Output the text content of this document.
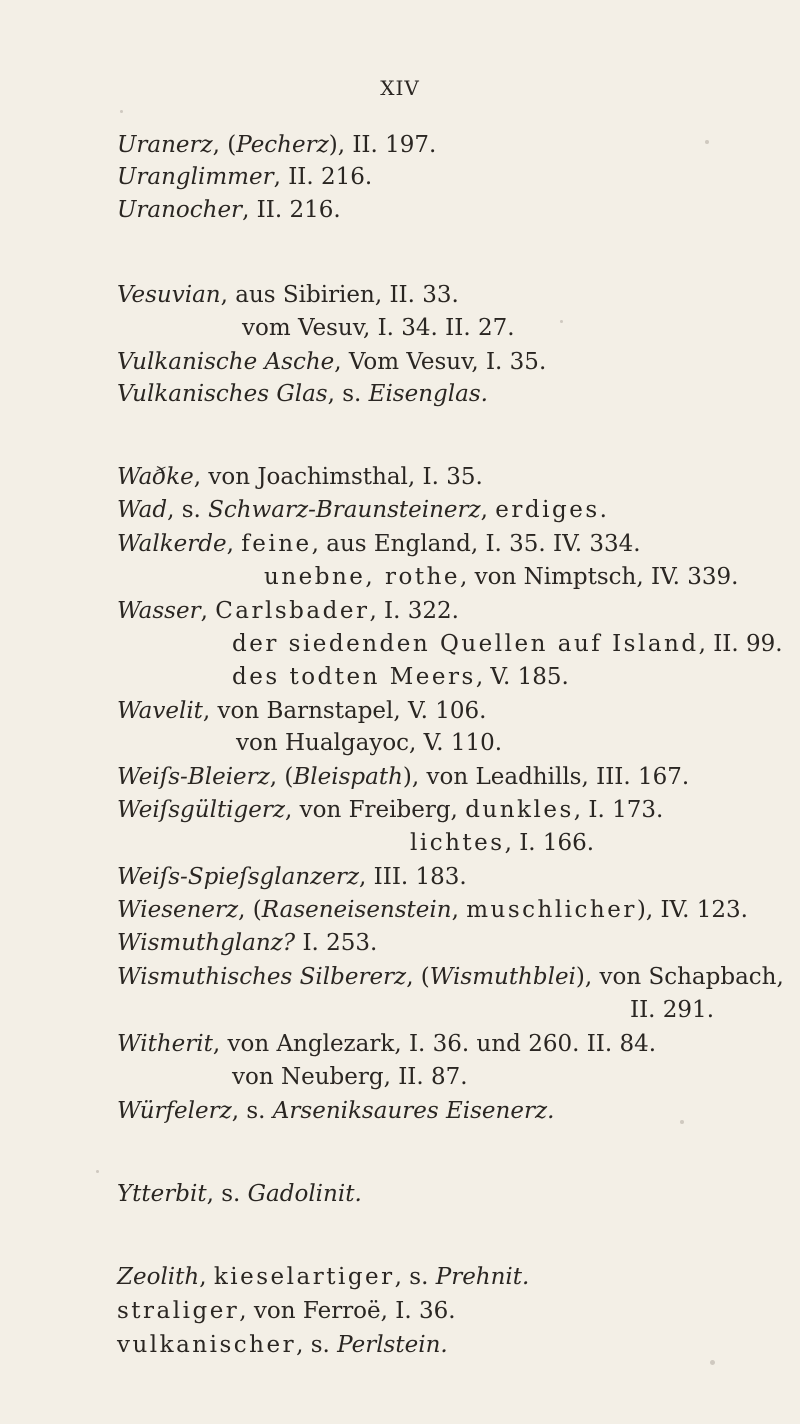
XIV
Uranerz, (Pecherz), II. 197.
Uranglimmer, II. 216.
Uranocher, II. 216.
Vesuvian, aus Sibirien, II. 33.
vom Vesuv, I. 34. II. 27.
Vulkanische Asche, Vom Vesuv, I. 35.
Vulkanisches Glas, s. Eisenglas.
Waðke, von Joachimsthal, I. 35.
Wad, s. Schwarz-Braunsteinerz, erdiges.
Walkerde, feine, aus England, I. 35. IV. 334.
unebne, rothe, von Nimptsch, IV. 339.
Wasser, Carlsbader, I. 322.
der siedenden Quellen auf Island, II. 99.
des todten Meers, V. 185.
Wavelit, von Barnstapel, V. 106.
von Hualgayoc, V. 110.
Weiſs-Bleierz, (Bleispath), von Leadhills, III. 167.
Weiſsgültigerz, von Freiberg, dunkles, I. 173.
lichtes, I. 166.
Weiſs-Spieſsglanzerz, III. 183.
Wiesenerz, (Raseneisenstein, muschlicher), IV. 123.
Wismuthglanz? I. 253.
Wismuthisches Silbererz, (Wismuthblei), von Schapbach,
II. 291.
Witherit, von Anglezark, I. 36. und 260. II. 84.
von Neuberg, II. 87.
Würfelerz, s. Arseniksaures Eisenerz.
Ytterbit, s. Gadolinit.
Zeolith, kieselartiger, s. Prehnit.
straliger, von Ferroë, I. 36.
vulkanischer, s. Perlstein.
